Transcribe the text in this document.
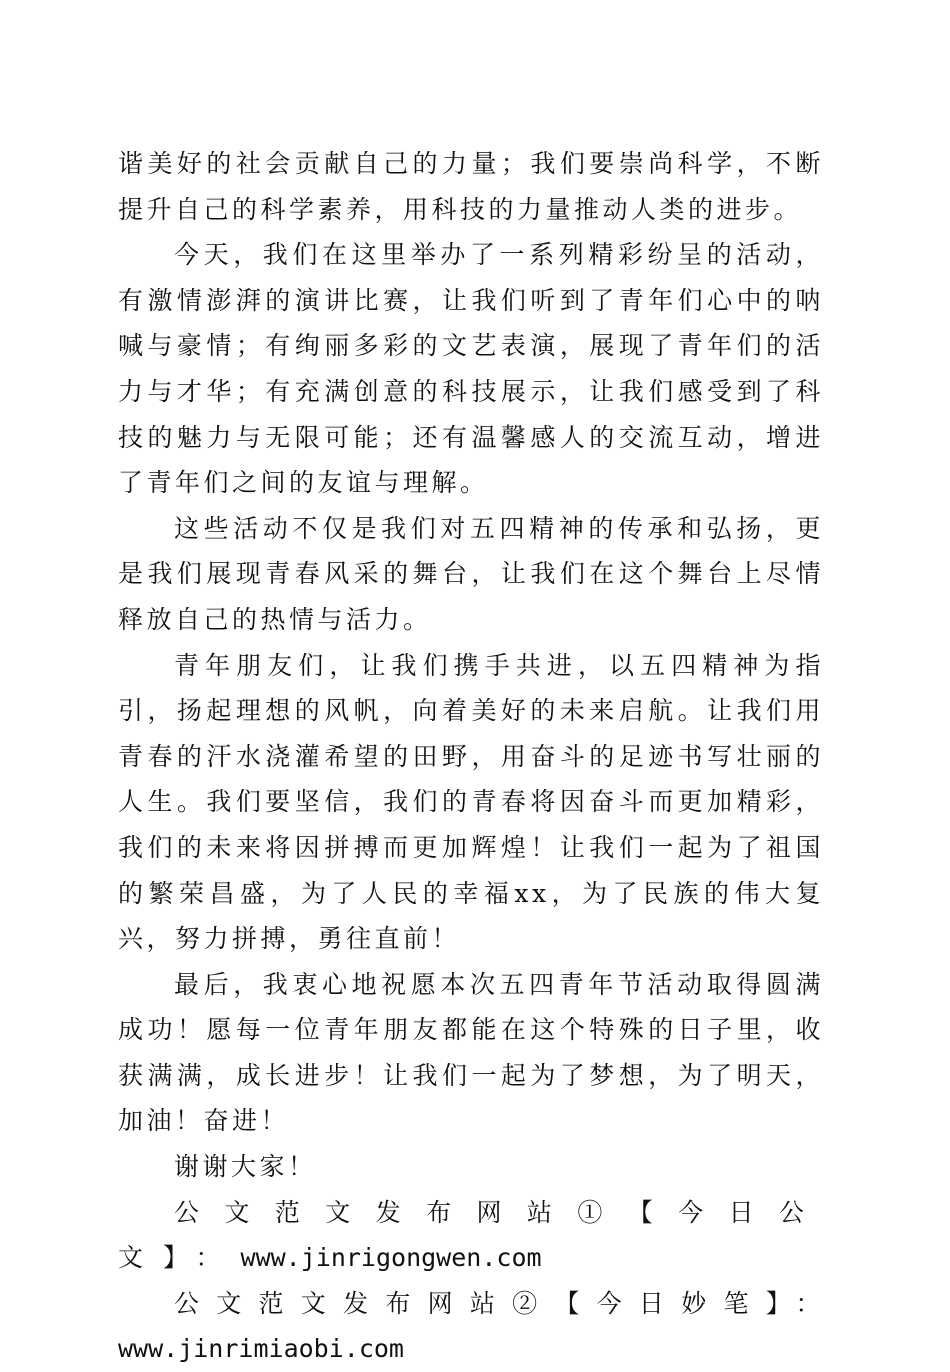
谐美好的社会贡献自己的力量；我们要崇尚科学，不断提升自己的科学素养，用科技的力量推动人类的进步。

今天，我们在这里举办了一系列精彩纷呈的活动，有激情澎湃的演讲比赛，让我们听到了青年们心中的呐喊与豪情；有绚丽多彩的文艺表演，展现了青年们的活力与才华；有充满创意的科技展示，让我们感受到了科技的魅力与无限可能；还有温馨感人的交流互动，增进了青年们之间的友谊与理解。

这些活动不仅是我们对五四精神的传承和弘扬，更是我们展现青春风采的舞台，让我们在这个舞台上尽情释放自己的热情与活力。

青年朋友们，让我们携手共进，以五四精神为指引，扬起理想的风帆，向着美好的未来启航。让我们用青春的汗水浇灌希望的田野，用奋斗的足迹书写壮丽的人生。我们要坚信，我们的青春将因奋斗而更加精彩，我们的未来将因拼搏而更加辉煌！让我们一起为了祖国的繁荣昌盛，为了人民的幸福xx，为了民族的伟大复兴，努力拼搏，勇往直前！

最后，我衷心地祝愿本次五四青年节活动取得圆满成功！愿每一位青年朋友都能在这个特殊的日子里，收获满满，成长进步！让我们一起为了梦想，为了明天，加油！奋进！

谢谢大家！

公文范文发布网站①【今日公文】：www.jinrigongwen.com

公文范文发布网站②【今日妙笔】：www.jinrimiaobi.com
